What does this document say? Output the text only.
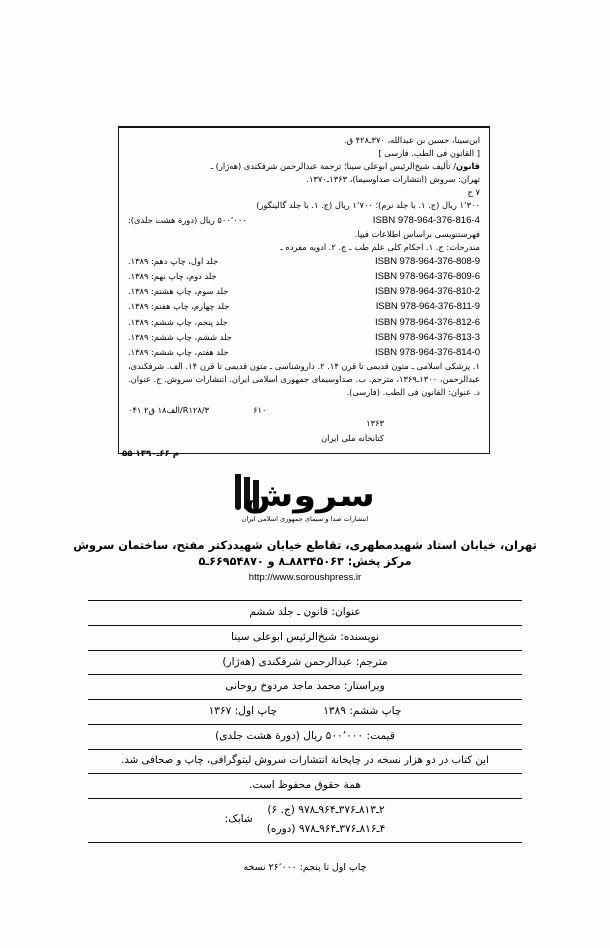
ابن‌سينا، حسين بن عبدالله، ۳۷۰ـ۴۲۸ ق.
[ القانون فی الطب. فارسی ]
قانون/ تأليف شيخ‌الرئيس ابوعلی سينا؛ ترجمة عبدالرحمن شرفكندی (هه‌ژار) ـ
تهران: سروش (انتشارات صداوسيما)، ۱۳۶۳ـ۱۳۷۰.
۷ ج
۱٬۳۰۰ ريال (ج. ۱. با جلد نرم)؛ ۱٬۷۰۰ ريال (ج. ۱. با جلد گالينگور)
۵۰۰٬۰۰۰ ريال (دورة هشت جلدی):	ISBN 978-964-376-816-4
فهرستنويسی براساس اطلاعات فيپا.
مندرجات: ج. ۱. احكام كلی علم طب ـ ج. ۲. ادويه مفرده ـ
جلد اول، چاپ دهم: ۱۳۸۹.	ISBN 978-964-376-808-9
جلد دوم، چاپ نهم: ۱۳۸۹.	ISBN 978-964-376-809-6
جلد سوم، چاپ هشتم: ۱۳۸۹.	ISBN 978-964-376-810-2
جلد چهارم، چاپ هفتم: ۱۳۸۹.	ISBN 978-964-376-811-9
جلد پنجم، چاپ ششم: ۱۳۸۹.	ISBN 978-964-376-812-6
جلد ششم، چاپ ششم: ۱۳۸۹.	ISBN 978-964-376-813-3
جلد هفتم، چاپ ششم: ۱۳۸۹.	ISBN 978-964-376-814-0
۱. پزشكی اسلامی ـ متون قديمی تا قرن ۱۴. ۲. داروشناسی ـ متون قديمی تا قرن ۱۴. الف. شرفكندی، عبدالرحمن، ۱۳۰۰ـ۱۳۶۹، مترجم. ب. صداوسيمای جمهوری اسلامی ايران. انتشارات سروش. ج. عنوان. د. عنوان: القانون فی الطب. (فارسی).
R۱۲۸/۳/الف۱۸ ق۲ ۰۴۱	۶۱۰
۱۳۶۳
كتابخانه ملی ايران
م ۶۶ـ۱۳۹۰ ۵۵
سروش
انتشارات صدا و سيمای جمهوری اسلامی ايران
تهران، خيابان استاد شهيدمطهری، تقاطع خيابان شهيددكتر مفتح، ساختمان سروش
مركز پخش: ۸۸۳۴۵۰۶۳ـ۸ و ۶۶۹۵۴۸۷۰ـ۵
http://www.soroushpress.ir
عنوان: قانون ـ جلد ششم
نويسنده: شيخ‌الرئيس ابوعلی سينا
مترجم: عبدالرحمن شرفكندی (هه‌ژار)
ويراستار: محمد ماجد مردوخ روحانی

چاپ اول: ۱۳۶۷	چاپ ششم: ۱۳۸۹

قيمت: ۵۰۰٬۰۰۰ ريال (دورة هشت جلدی)
اين كتاب در دو هزار نسخه در چاپخانة انتشارات سروش ليتوگرافی، چاپ و صحافی شد.
همة حقوق محفوظ است.

شابک:
۲ـ۸۱۳ـ۳۷۶ـ۹۶۴ـ۹۷۸ (ج. ۶)
۴ـ۸۱۶ـ۳۷۶ـ۹۶۴ـ۹۷۸ (دوره)
چاپ اول تا پنجم: ۲۶٬۰۰۰ نسخه
